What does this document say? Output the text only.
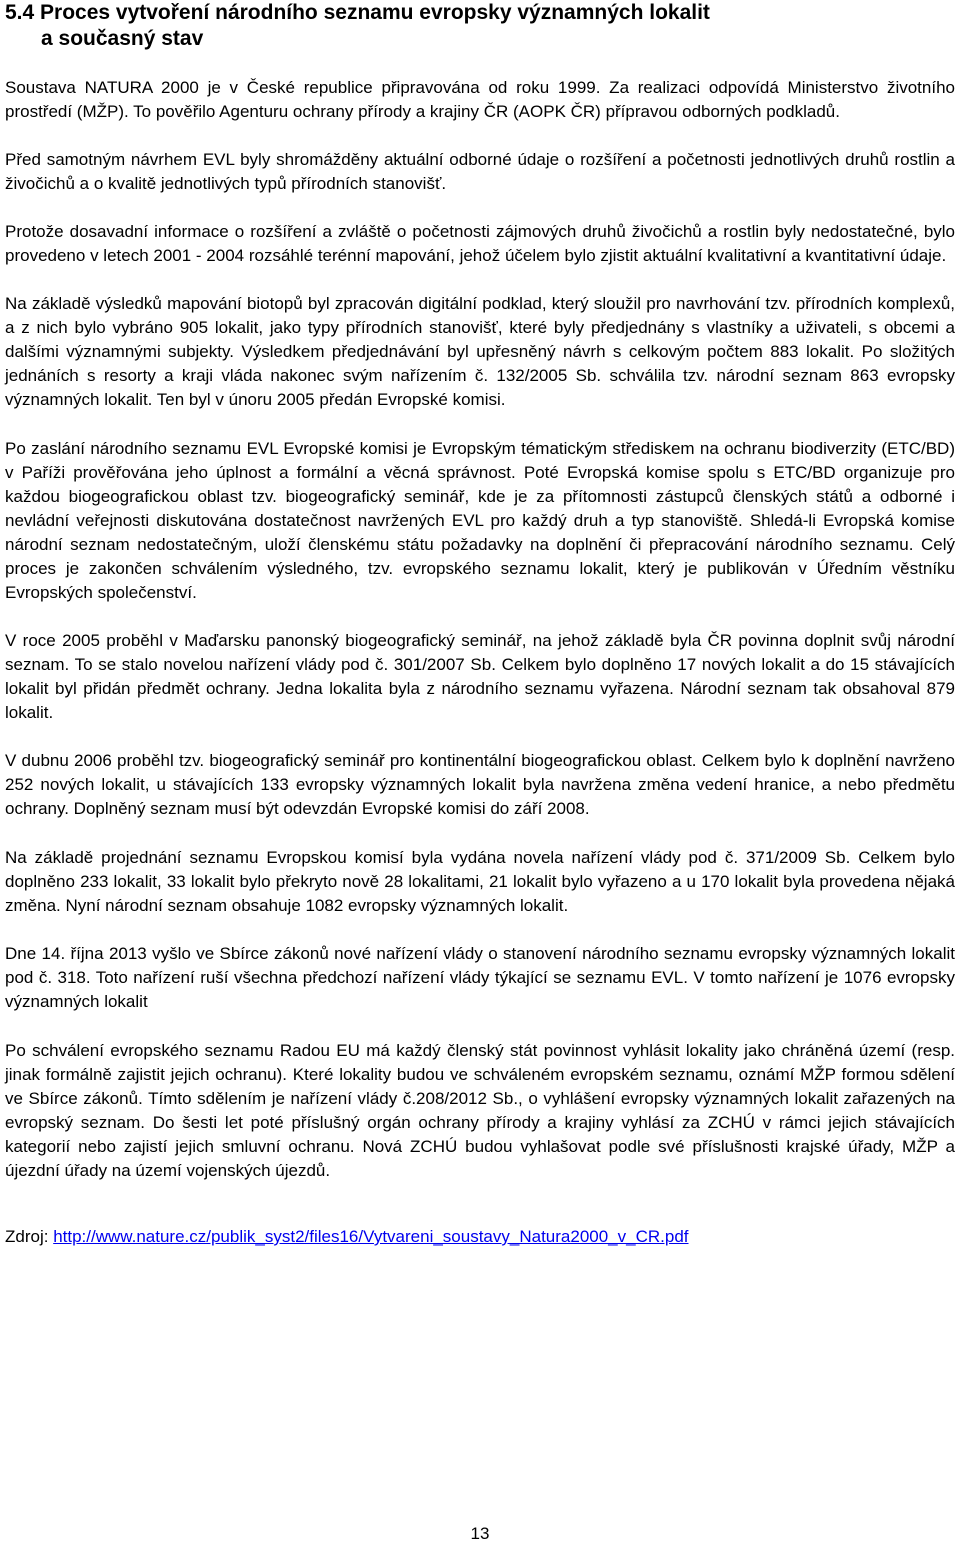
5.4 Proces vytvoření národního seznamu evropsky významných lokalit
a současný stav

Soustava NATURA 2000 je v České republice připravována od roku 1999. Za realizaci odpovídá Ministerstvo životního prostředí (MŽP). To pověřilo Agenturu ochrany přírody a krajiny ČR (AOPK ČR) přípravou odborných podkladů.

Před samotným návrhem EVL byly shromážděny aktuální odborné údaje o rozšíření a početnosti jednotlivých druhů rostlin a živočichů a o kvalitě jednotlivých typů přírodních stanovišť.

Protože dosavadní informace o rozšíření a zvláště o početnosti zájmových druhů živočichů a rostlin byly nedostatečné, bylo provedeno v letech 2001 - 2004 rozsáhlé terénní mapování, jehož účelem bylo zjistit aktuální kvalitativní a kvantitativní údaje.

Na základě výsledků mapování biotopů byl zpracován digitální podklad, který sloužil pro navrhování tzv. přírodních komplexů, a z nich bylo vybráno 905 lokalit, jako typy přírodních stanovišť, které byly předjednány s vlastníky a uživateli, s obcemi a dalšími významnými subjekty. Výsledkem předjednávání byl upřesněný návrh s celkovým počtem 883 lokalit. Po složitých jednáních s resorty a kraji vláda nakonec svým nařízením č. 132/2005 Sb. schválila tzv. národní seznam 863 evropsky významných lokalit. Ten byl v únoru 2005 předán Evropské komisi.

Po zaslání národního seznamu EVL Evropské komisi je Evropským tématickým střediskem na ochranu biodiverzity (ETC/BD) v Paříži prověřována jeho úplnost a formální a věcná správnost. Poté Evropská komise spolu s ETC/BD organizuje pro každou biogeografickou oblast tzv. biogeografický seminář, kde je za přítomnosti zástupců členských států a odborné i nevládní veřejnosti diskutována dostatečnost navržených EVL pro každý druh a typ stanoviště. Shledá-li Evropská komise národní seznam nedostatečným, uloží členskému státu požadavky na doplnění či přepracování národního seznamu. Celý proces je zakončen schválením výsledného, tzv. evropského seznamu lokalit, který je publikován v Úředním věstníku Evropských společenství.

V roce 2005 proběhl v Maďarsku panonský biogeografický seminář, na jehož základě byla ČR povinna doplnit svůj národní seznam. To se stalo novelou nařízení vlády pod č. 301/2007 Sb. Celkem bylo doplněno 17 nových lokalit a do 15 stávajících lokalit byl přidán předmět ochrany. Jedna lokalita byla z národního seznamu vyřazena. Národní seznam tak obsahoval 879 lokalit.

V dubnu 2006 proběhl tzv. biogeografický seminář pro kontinentální biogeografickou oblast. Celkem bylo k doplnění navrženo 252 nových lokalit, u stávajících 133 evropsky významných lokalit byla navržena změna vedení hranice, a nebo předmětu ochrany. Doplněný seznam musí být odevzdán Evropské komisi do září 2008.

Na základě projednání seznamu Evropskou komisí byla vydána novela nařízení vlády pod č. 371/2009 Sb. Celkem bylo doplněno 233 lokalit, 33 lokalit bylo překryto nově 28 lokalitami, 21 lokalit bylo vyřazeno a u 170 lokalit byla provedena nějaká změna. Nyní národní seznam obsahuje 1082 evropsky významných lokalit.

Dne 14. října 2013 vyšlo ve Sbírce zákonů nové nařízení vlády o stanovení národního seznamu evropsky významných lokalit pod č. 318. Toto nařízení ruší všechna předchozí nařízení vlády týkající se seznamu EVL. V tomto nařízení je 1076 evropsky významných lokalit

Po schválení evropského seznamu Radou EU má každý členský stát povinnost vyhlásit lokality jako chráněná území (resp. jinak formálně zajistit jejich ochranu). Které lokality budou ve schváleném evropském seznamu, oznámí MŽP formou sdělení ve Sbírce zákonů. Tímto sdělením je nařízení vlády č.208/2012 Sb., o vyhlášení evropsky významných lokalit zařazených na evropský seznam. Do šesti let poté příslušný orgán ochrany přírody a krajiny vyhlásí za ZCHÚ v rámci jejich stávajících kategorií nebo zajistí jejich smluvní ochranu. Nová ZCHÚ budou vyhlašovat podle své příslušnosti krajské úřady, MŽP a újezdní úřady na území vojenských újezdů.

Zdroj: http://www.nature.cz/publik_syst2/files16/Vytvareni_soustavy_Natura2000_v_CR.pdf

13
